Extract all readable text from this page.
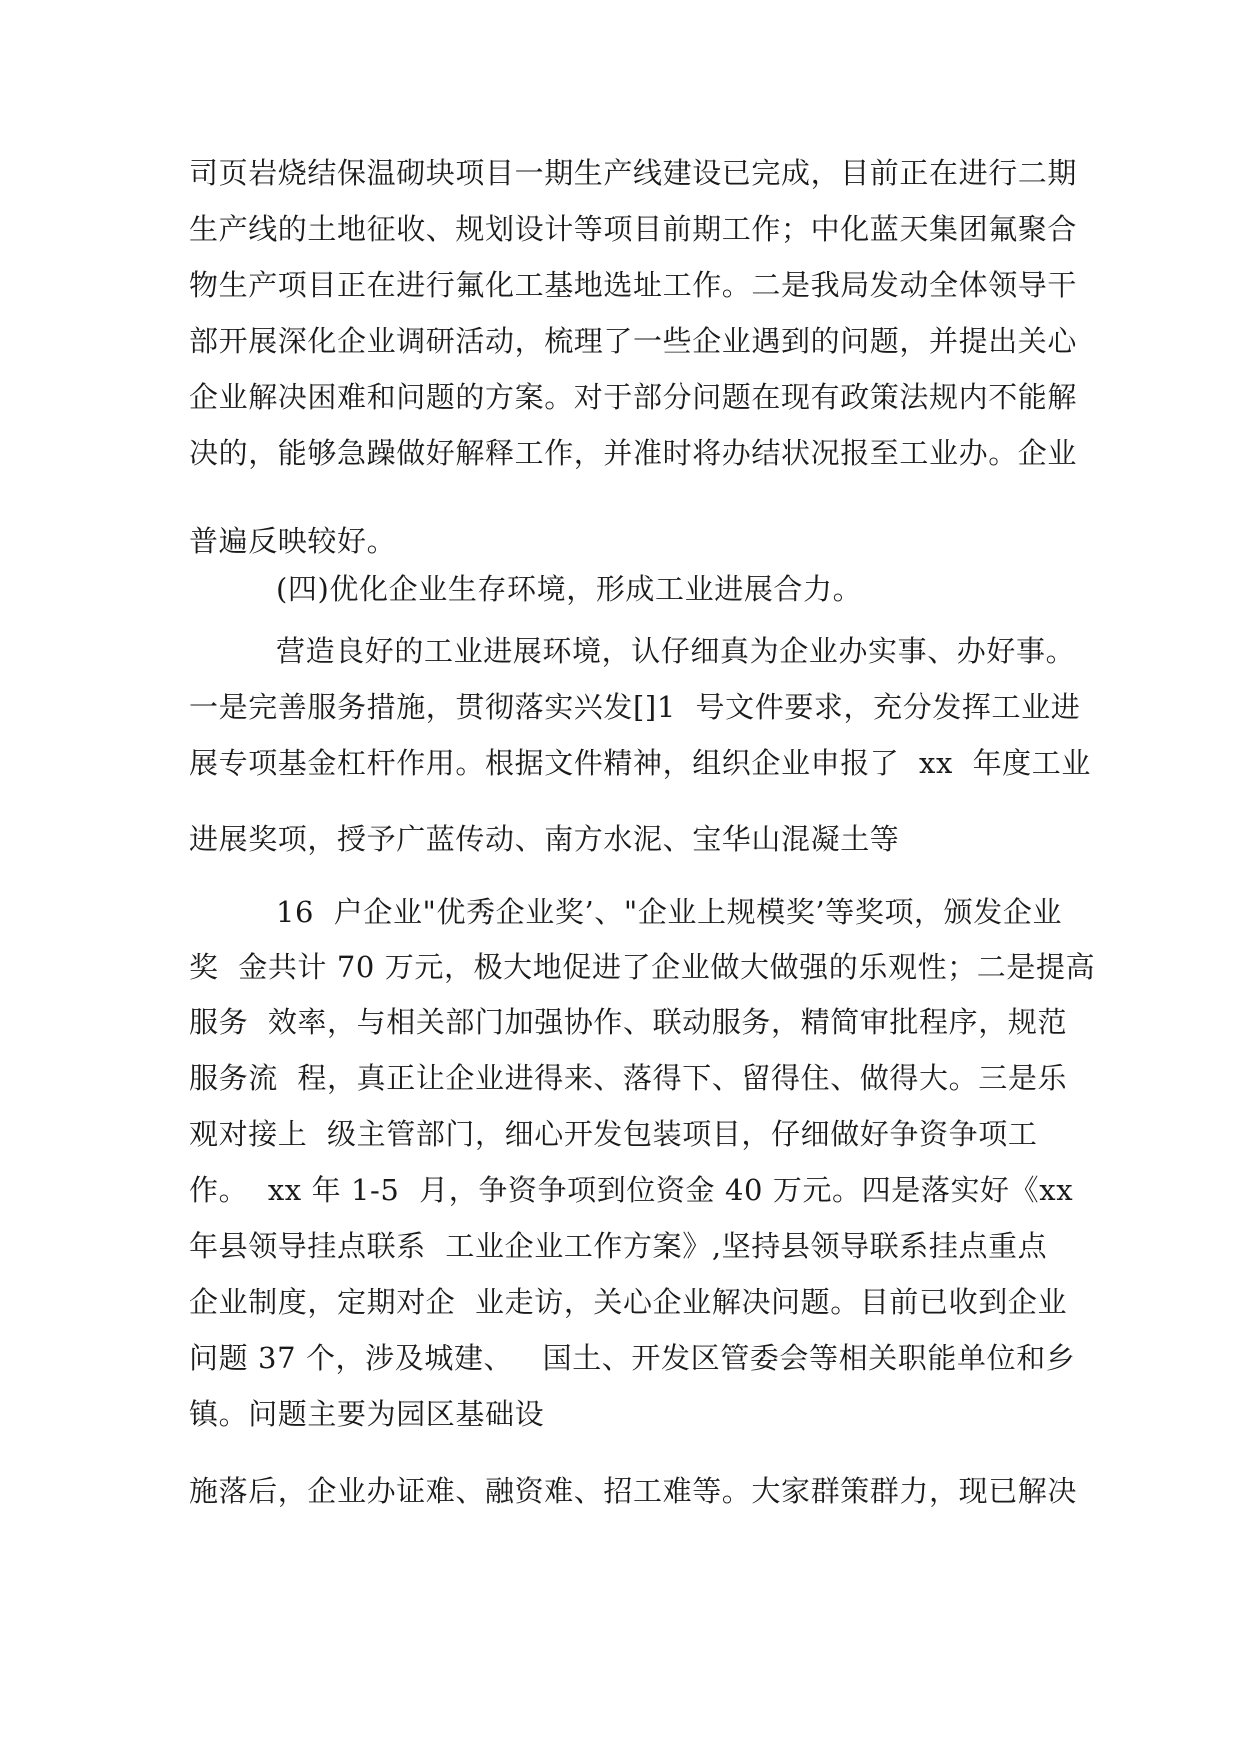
司页岩烧结保温砌块项目一期生产线建设已完成，目前正在进行二期
生产线的土地征收、规划设计等项目前期工作；中化蓝天集团氟聚合
物生产项目正在进行氟化工基地选址工作。二是我局发动全体领导干
部开展深化企业调研活动，梳理了一些企业遇到的问题，并提出关心
企业解决困难和问题的方案。对于部分问题在现有政策法规内不能解
决的，能够急躁做好解释工作，并准时将办结状况报至工业办。企业
普遍反映较好。
(四)优化企业生存环境，形成工业进展合力。
营造良好的工业进展环境，认仔细真为企业办实事、办好事。
一是完善服务措施，贯彻落实兴发[]1  号文件要求，充分发挥工业进
展专项基金杠杆作用。根据文件精神，组织企业申报了  xx  年度工业
进展奖项，授予广蓝传动、南方水泥、宝华山混凝土等
16  户企业"优秀企业奖’、"企业上规模奖’等奖项，颁发企业
奖  金共计 70 万元，极大地促进了企业做大做强的乐观性；二是提高
服务  效率，与相关部门加强协作、联动服务，精简审批程序，规范
服务流  程，真正让企业进得来、落得下、留得住、做得大。三是乐
观对接上  级主管部门，细心开发包装项目，仔细做好争资争项工
作。  xx 年 1-5  月，争资争项到位资金 40 万元。四是落实好《xx
年县领导挂点联系  工业企业工作方案》,坚持县领导联系挂点重点
企业制度，定期对企  业走访，关心企业解决问题。目前已收到企业
问题 37 个，涉及城建、   国土、开发区管委会等相关职能单位和乡
镇。问题主要为园区基础设
施落后，企业办证难、融资难、招工难等。大家群策群力，现已解决
